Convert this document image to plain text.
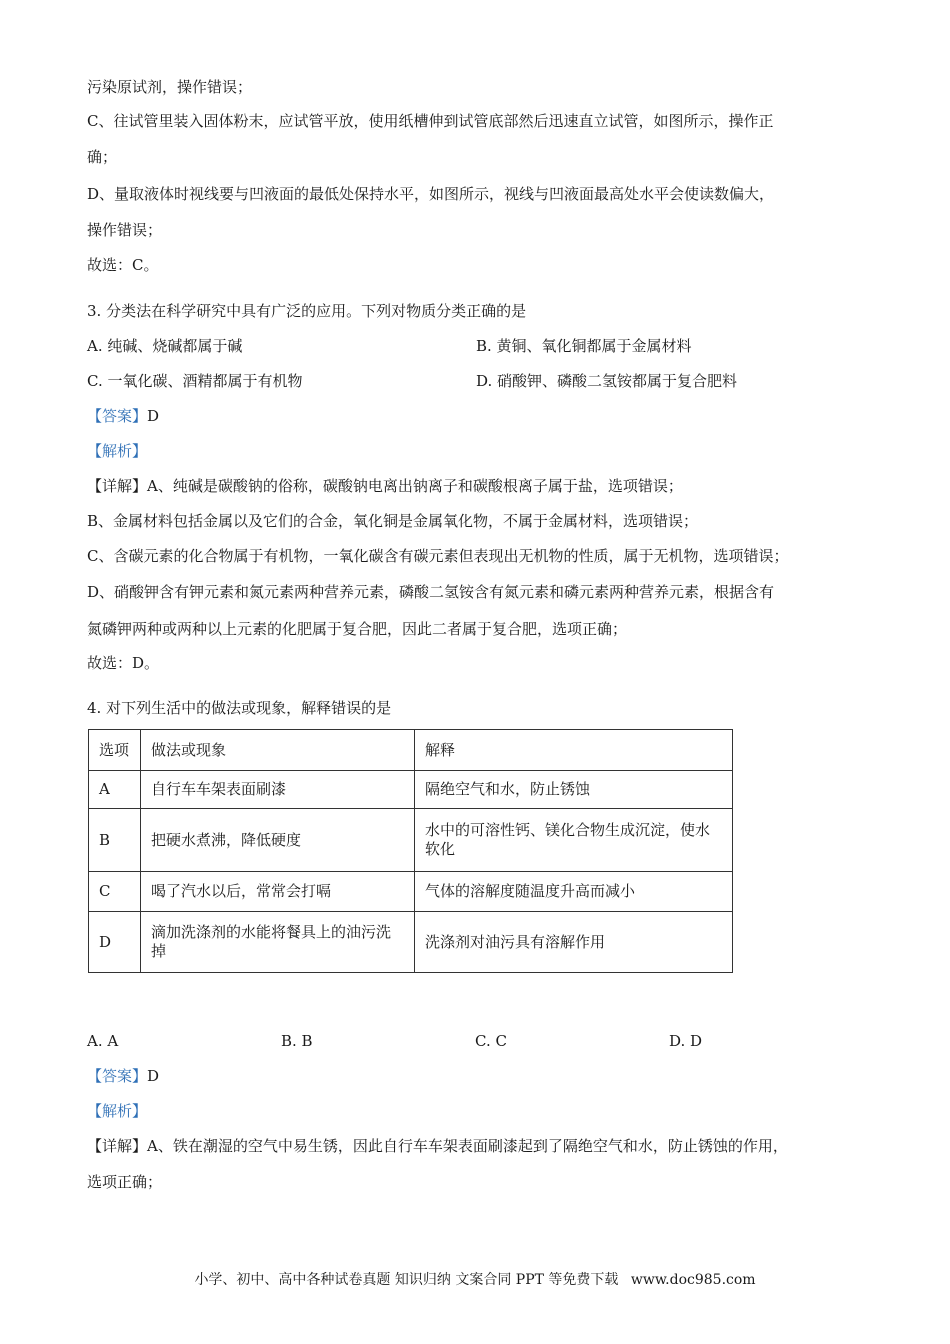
污染原试剂，操作错误；
C、往试管里装入固体粉末，应试管平放，使用纸槽伸到试管底部然后迅速直立试管，如图所示，操作正
确；
D、量取液体时视线要与凹液面的最低处保持水平，如图所示，视线与凹液面最高处水平会使读数偏大，
操作错误；
故选：C。
3. 分类法在科学研究中具有广泛的应用。下列对物质分类正确的是
A. 纯碱、烧碱都属于碱	B. 黄铜、氧化铜都属于金属材料
C. 一氧化碳、酒精都属于有机物	D. 硝酸钾、磷酸二氢铵都属于复合肥料
【答案】D
【解析】
【详解】A、纯碱是碳酸钠的俗称，碳酸钠电离出钠离子和碳酸根离子属于盐，选项错误；
B、金属材料包括金属以及它们的合金，氧化铜是金属氧化物，不属于金属材料，选项错误；
C、含碳元素的化合物属于有机物，一氧化碳含有碳元素但表现出无机物的性质，属于无机物，选项错误；
D、硝酸钾含有钾元素和氮元素两种营养元素，磷酸二氢铵含有氮元素和磷元素两种营养元素，根据含有
氮磷钾两种或两种以上元素的化肥属于复合肥，因此二者属于复合肥，选项正确；
故选：D。
4. 对下列生活中的做法或现象，解释错误的是
选项	做法或现象	解释
A	自行车车架表面刷漆	隔绝空气和水，防止锈蚀
B	把硬水煮沸，降低硬度	水中的可溶性钙、镁化合物生成沉淀，使水软化
C	喝了汽水以后，常常会打嗝	气体的溶解度随温度升高而减小
D	滴加洗涤剂的水能将餐具上的油污洗掉	洗涤剂对油污具有溶解作用
A. A	B. B	C. C	D. D
【答案】D
【解析】
【详解】A、铁在潮湿的空气中易生锈，因此自行车车架表面刷漆起到了隔绝空气和水，防止锈蚀的作用，
选项正确；
小学、初中、高中各种试卷真题 知识归纳 文案合同 PPT 等免费下载 www.doc985.com
